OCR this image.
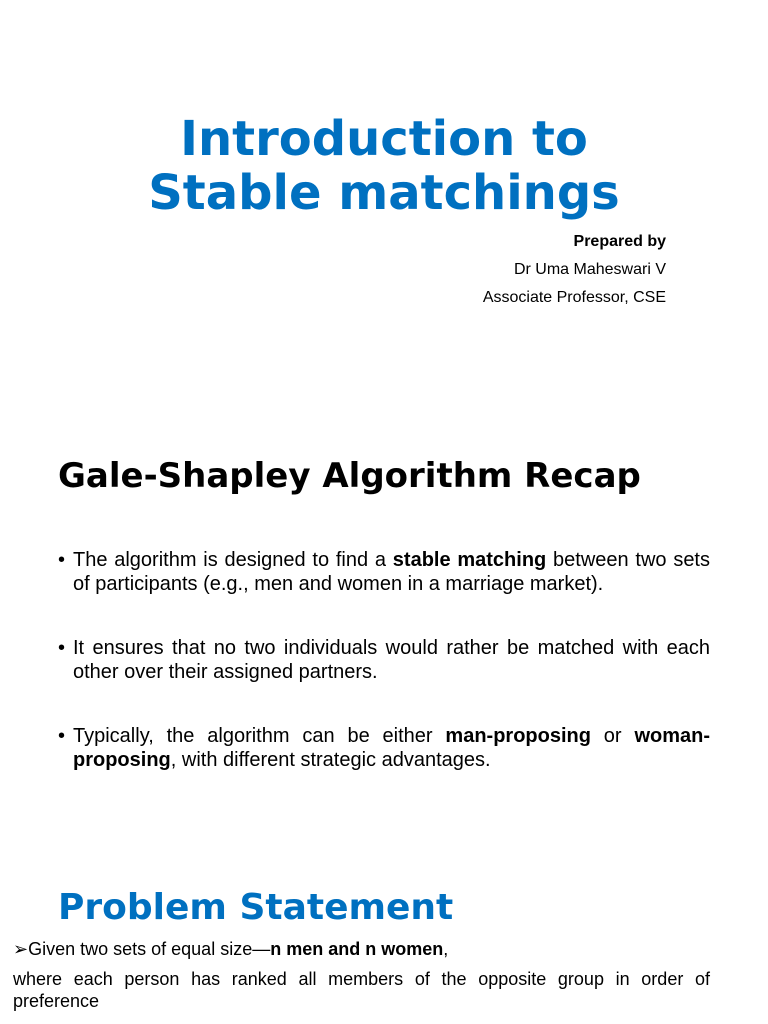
Introduction to
Stable matchings
Prepared by
Dr Uma Maheswari V
Associate Professor, CSE
Gale-Shapley Algorithm Recap
• The algorithm is designed to find a stable matching between two sets of participants (e.g., men and women in a marriage market).
• It ensures that no two individuals would rather be matched with each other over their assigned partners.
• Typically, the algorithm can be either man-proposing or woman-proposing, with different strategic advantages.
Problem Statement
➢Given two sets of equal size—n men and n women,
where each person has ranked all members of the opposite group in order of preference
